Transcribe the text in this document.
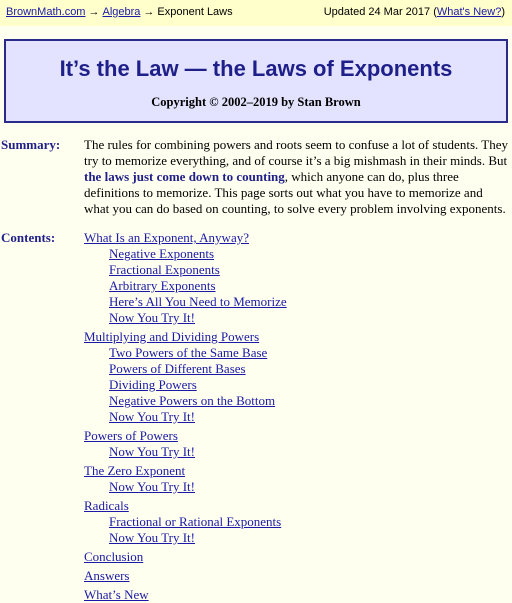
BrownMath.com → Algebra → Exponent Laws	Updated 24 Mar 2017 (What's New?)
It’s the Law — the Laws of Exponents
Copyright © 2002–2019 by Stan Brown
Summary: The rules for combining powers and roots seem to confuse a lot of students. They try to memorize everything, and of course it’s a big mishmash in their minds. But the laws just come down to counting, which anyone can do, plus three definitions to memorize. This page sorts out what you have to memorize and what you can do based on counting, to solve every problem involving exponents.
Contents: What Is an Exponent, Anyway?
Negative Exponents
Fractional Exponents
Arbitrary Exponents
Here’s All You Need to Memorize
Now You Try It!
Multiplying and Dividing Powers
Two Powers of the Same Base
Powers of Different Bases
Dividing Powers
Negative Powers on the Bottom
Now You Try It!
Powers of Powers
Now You Try It!
The Zero Exponent
Now You Try It!
Radicals
Fractional or Rational Exponents
Now You Try It!
Conclusion
Answers
What’s New
